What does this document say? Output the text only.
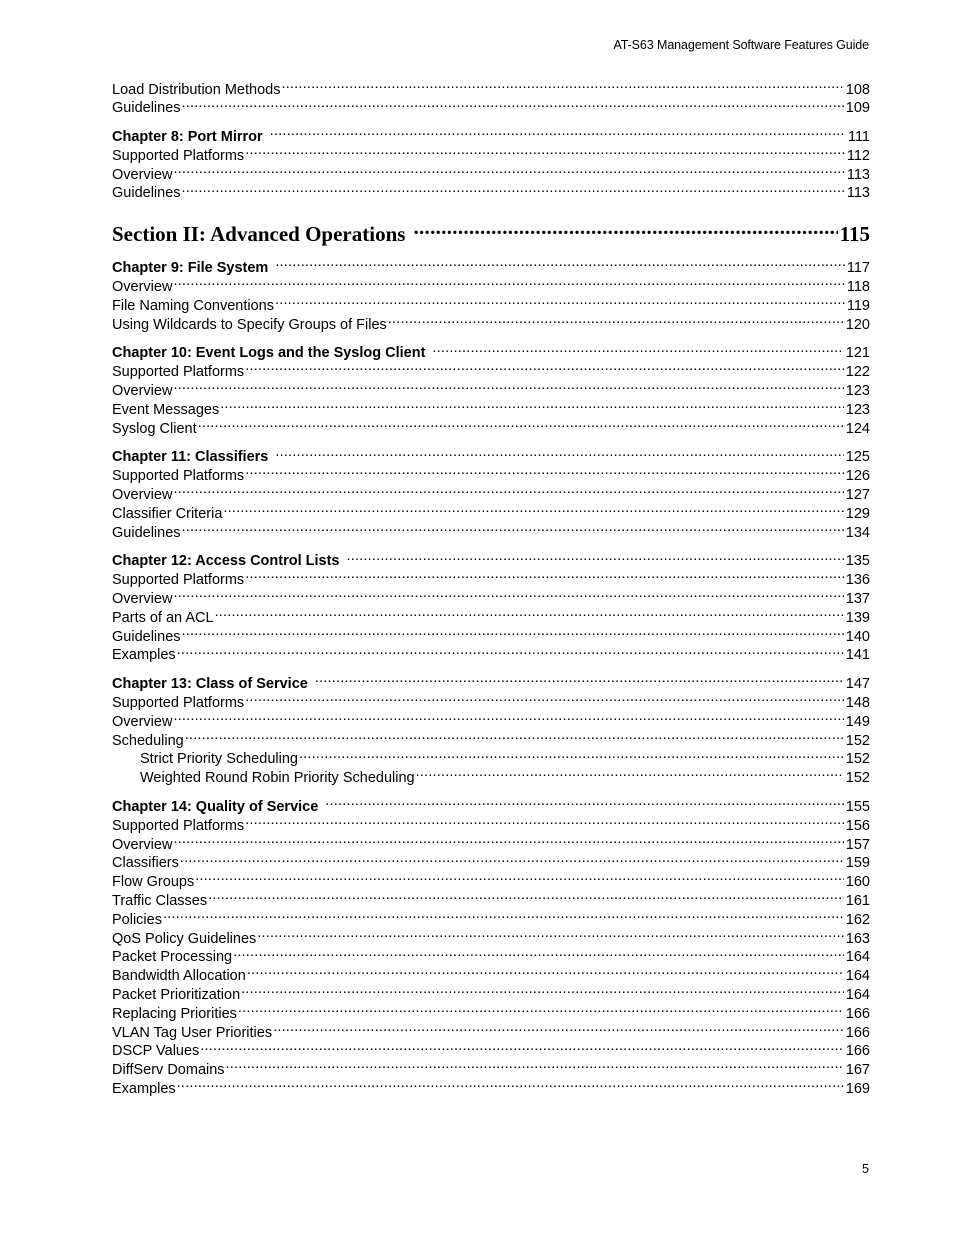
AT-S63 Management Software Features Guide
Load Distribution Methods .....	108
Guidelines .....	109
Chapter 8: Port Mirror .....	111
Supported Platforms .....	112
Overview .....	113
Guidelines .....	113
Section II: Advanced Operations .....	115
Chapter 9: File System .....	117
Overview .....	118
File Naming Conventions .....	119
Using Wildcards to Specify Groups of Files .....	120
Chapter 10: Event Logs and the Syslog Client .....	121
Supported Platforms .....	122
Overview .....	123
Event Messages .....	123
Syslog Client .....	124
Chapter 11: Classifiers .....	125
Supported Platforms .....	126
Overview .....	127
Classifier Criteria .....	129
Guidelines .....	134
Chapter 12: Access Control Lists .....	135
Supported Platforms .....	136
Overview .....	137
Parts of an ACL .....	139
Guidelines .....	140
Examples .....	141
Chapter 13: Class of Service .....	147
Supported Platforms .....	148
Overview .....	149
Scheduling .....	152
Strict Priority Scheduling .....	152
Weighted Round Robin Priority Scheduling .....	152
Chapter 14: Quality of Service .....	155
Supported Platforms .....	156
Overview .....	157
Classifiers .....	159
Flow Groups .....	160
Traffic Classes .....	161
Policies .....	162
QoS Policy Guidelines .....	163
Packet Processing .....	164
Bandwidth Allocation .....	164
Packet Prioritization .....	164
Replacing Priorities .....	166
VLAN Tag User Priorities .....	166
DSCP Values .....	166
DiffServ Domains .....	167
Examples .....	169
5
